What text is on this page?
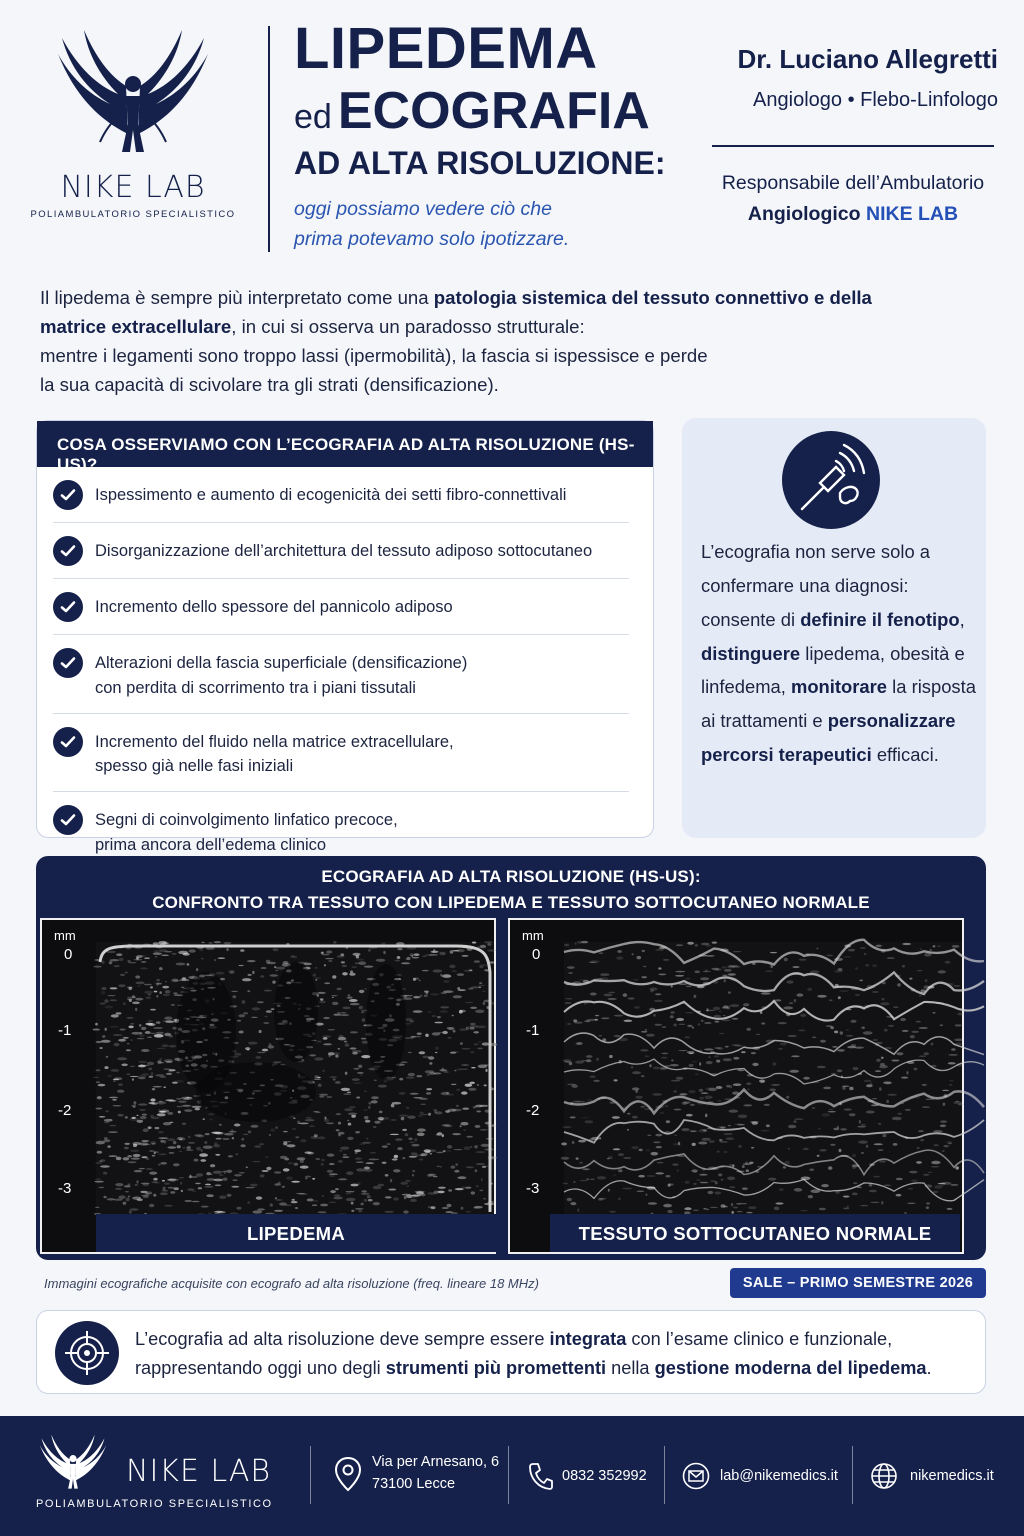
NIKE LAB
POLIAMBULATORIO SPECIALISTICO
LIPEDEMA
ed ECOGRAFIA
AD ALTA RISOLUZIONE:
oggi possiamo vedere ciò che
prima potevamo solo ipotizzare.
Dr. Luciano Allegretti
Angiologo • Flebo-Linfologo
Responsabile dell’Ambulatorio
Angiologico NIKE LAB
Il lipedema è sempre più interpretato come una patologia sistemica del tessuto connettivo e della matrice extracellulare, in cui si osserva un paradosso strutturale:
mentre i legamenti sono troppo lassi (ipermobilità), la fascia si ispessisce e perde
la sua capacità di scivolare tra gli strati (densificazione).
COSA OSSERVIAMO CON L’ECOGRAFIA AD ALTA RISOLUZIONE (HS-US)?
Ispessimento e aumento di ecogenicità dei setti fibro-connettivali
Disorganizzazione dell’architettura del tessuto adiposo sottocutaneo
Incremento dello spessore del pannicolo adiposo
Alterazioni della fascia superficiale (densificazione)
con perdita di scorrimento tra i piani tissutali
Incremento del fluido nella matrice extracellulare,
spesso già nelle fasi iniziali
Segni di coinvolgimento linfatico precoce,
prima ancora dell’edema clinico
L’ecografia non serve solo a confermare una diagnosi: consente di definire il fenotipo, distinguere lipedema, obesità e linfedema, monitorare la risposta ai trattamenti e personalizzare percorsi terapeutici efficaci.
ECOGRAFIA AD ALTA RISOLUZIONE (HS-US):
CONFRONTO TRA TESSUTO CON LIPEDEMA E TESSUTO SOTTOCUTANEO NORMALE
mm
0
-1
-2
-3
LIPEDEMA
mm
0
-1
-2
-3
TESSUTO SOTTOCUTANEO NORMALE
Immagini ecografiche acquisite con ecografo ad alta risoluzione (freq. lineare 18 MHz)	SALE – PRIMO SEMESTRE 2026
L’ecografia ad alta risoluzione deve sempre essere integrata con l’esame clinico e funzionale, rappresentando oggi uno degli strumenti più promettenti nella gestione moderna del lipedema.
NIKE LAB
POLIAMBULATORIO SPECIALISTICO
Via per Arnesano, 6
73100 Lecce	0832 352992	lab@nikemedics.it	nikemedics.it
